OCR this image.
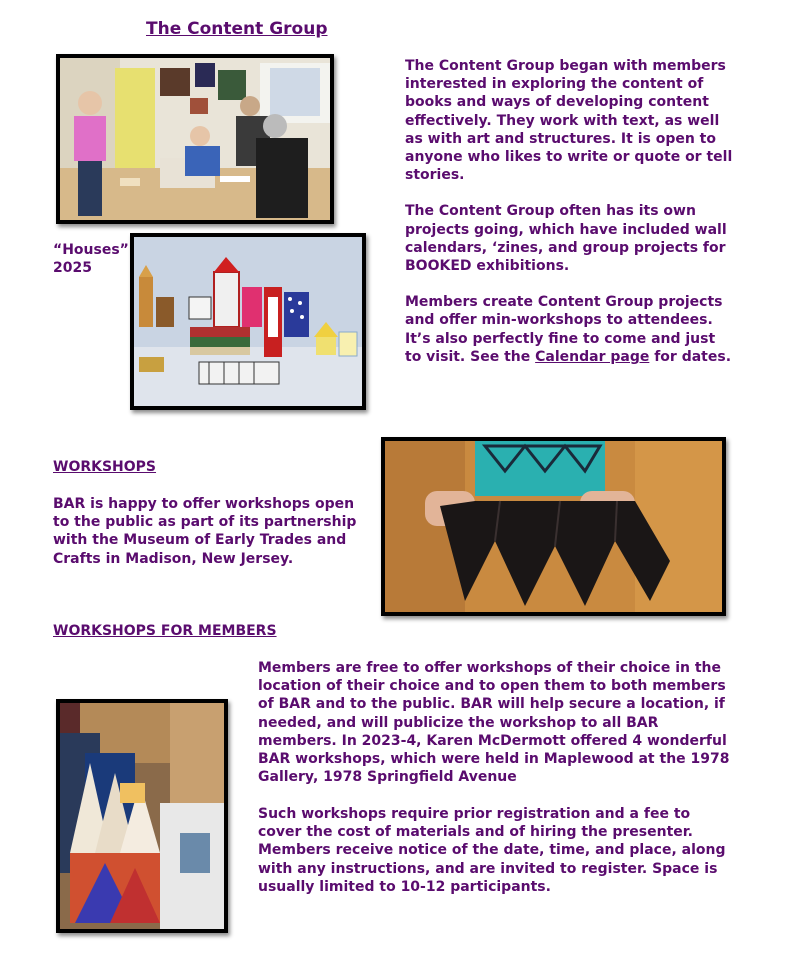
The Content Group

The Content Group began with members interested in exploring the content of books and ways of developing content effectively. They work with text, as well as with art and structures. It is open to anyone who likes to write or quote or tell stories.

The Content Group often has its own projects going, which have included wall calendars, ‘zines, and group projects for BOOKED exhibitions.

Members create Content Group projects and offer min-workshops to attendees. It’s also perfectly fine to come and just to visit. See the Calendar page for dates.

“Houses”
2025
WORKSHOPS

BAR is happy to offer workshops open to the public as part of its partnership with the Museum of Early Trades and Crafts in Madison, New Jersey.

WORKSHOPS FOR MEMBERS

Members are free to offer workshops of their choice in the location of their choice and to open them to both members of BAR and to the public. BAR will help secure a location, if needed, and will publicize the workshop to all BAR members. In 2023-4, Karen McDermott offered 4 wonderful BAR workshops, which were held in Maplewood at the 1978 Gallery, 1978 Springfield Avenue

Such workshops require prior registration and a fee to cover the cost of materials and of hiring the presenter. Members receive notice of the date, time, and place, along with any instructions, and are invited to register. Space is usually limited to 10-12 participants.
